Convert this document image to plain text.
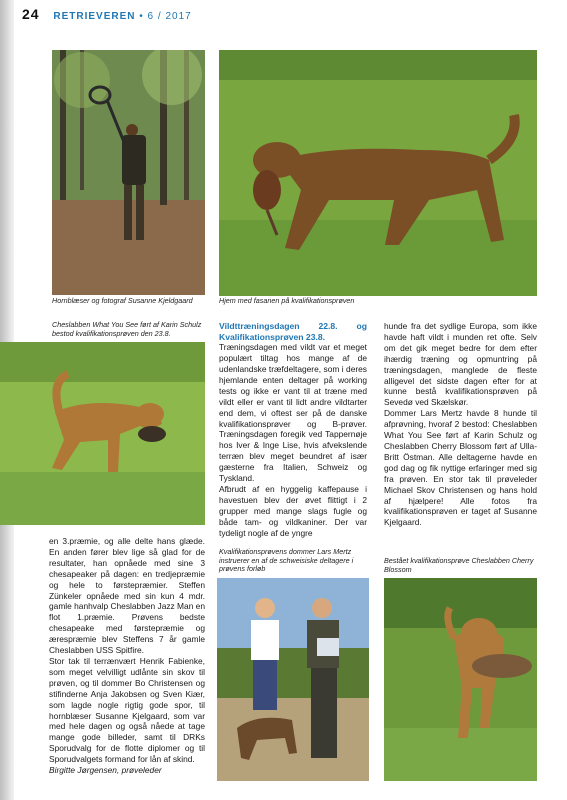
24 RETRIEVEREN • 6 / 2017
Hornblæser og fotograf Susanne Kjeldgaard	Hjem med fasanen på kvalifikationsprøven
Cheslabben What You See ført af Karin Schulz bestod kvalifikationsprøven den 23.8.
Vildttræningsdagen 22.8. og Kvalifikationsprøven 23.8.

Træningsdagen med vildt var et meget populært tiltag hos mange af de udenlandske træfdeltagere, som i deres hjemlande enten deltager på working tests og ikke er vant til at træne med vildt eller er vant til lidt andre vildtarter end dem, vi oftest ser på de danske kvalifikationsprøver og B-prøver. Træningsdagen foregik ved Tappernøje hos Iver & Inge Lise, hvis afvekslende terræn blev meget beundret af især gæsterne fra Italien, Schweiz og Tyskland.

Afbrudt af en hyggelig kaffepause i havestuen blev der øvet flittigt i 2 grupper med mange slags fugle og både tam- og vildkaniner. Der var tydeligt nogle af de yngre

hunde fra det sydlige Europa, som ikke havde haft vildt i munden ret ofte. Selv om det gik meget bedre for dem efter ihærdig træning og opmuntring på træningsdagen, manglede de fleste alligevel det sidste dagen efter for at kunne bestå kvalifikationsprøven på Sevedø ved Skælskør.

Dommer Lars Mertz havde 8 hunde til afprøvning, hvoraf 2 bestod: Cheslabben What You See ført af Karin Schulz og Cheslabben Cherry Blossom ført af Ulla-Britt Östman. Alle deltagerne havde en god dag og fik nyttige erfaringer med sig fra prøven. En stor tak til prøveleder Michael Skov Christensen og hans hold af hjælpere! Alle fotos fra kvalifikationsprøven er taget af Susanne Kjelgaard.

en 3.præmie, og alle delte hans glæde. En anden fører blev lige så glad for de resultater, han opnåede med sine 3 chesapeaker på dagen: en tredjepræmie og hele to førstepræmier. Steffen Zünkeler opnåede med sin kun 4 mdr. gamle hanhvalp Cheslabben Jazz Man en flot 1.præmie. Prøvens bedste chesapeake med førstepræmie og ærespræmie blev Steffens 7 år gamle Cheslabben USS Spitfire.

Stor tak til terrænvært Henrik Fabienke, som meget velvilligt udlånte sin skov til prøven, og til dommer Bo Christensen og stifinderne Anja Jakobsen og Sven Kiær, som lagde nogle rigtig gode spor, til hornblæser Susanne Kjelgaard, som var med hele dagen og også nåede at tage mange gode billeder, samt til DRKs Sporudvalg for de flotte diplomer og til Sporudvalgets formand for lån af skind.

Birgitte Jørgensen, prøveleder

Kvalifikationsprøvens dommer Lars Mertz instruerer en af de schweisiske deltagere i prøvens forløb
Bestået kvalifikationsprøve Cheslabben Cherry Blossom
